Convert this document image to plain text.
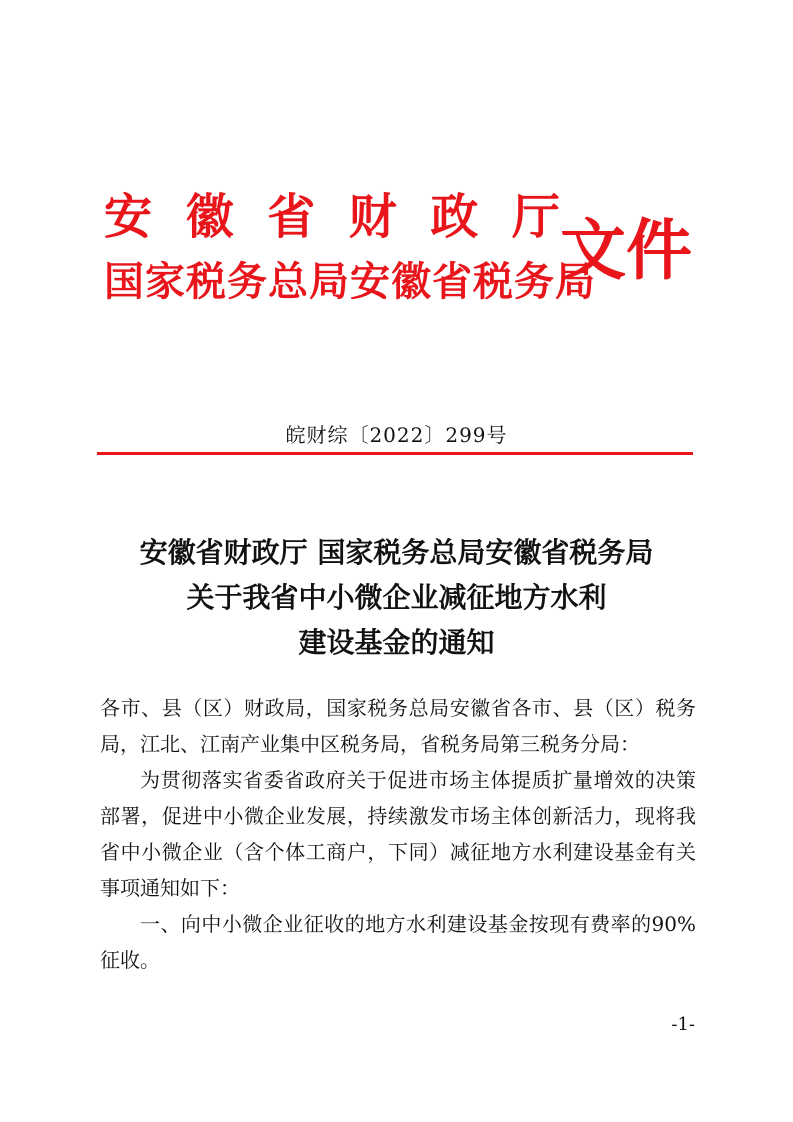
安 徽 省 财 政 厅
国家税务总局安徽省税务局
文件
皖财综〔2022〕299号
安徽省财政厅 国家税务总局安徽省税务局
关于我省中小微企业减征地方水利
建设基金的通知

各市、县（区）财政局，国家税务总局安徽省各市、县（区）税务局，江北、江南产业集中区税务局，省税务局第三税务分局：

为贯彻落实省委省政府关于促进市场主体提质扩量增效的决策部署，促进中小微企业发展，持续激发市场主体创新活力，现将我省中小微企业（含个体工商户，下同）减征地方水利建设基金有关事项通知如下：

一、向中小微企业征收的地方水利建设基金按现有费率的90%征收。

-1-
